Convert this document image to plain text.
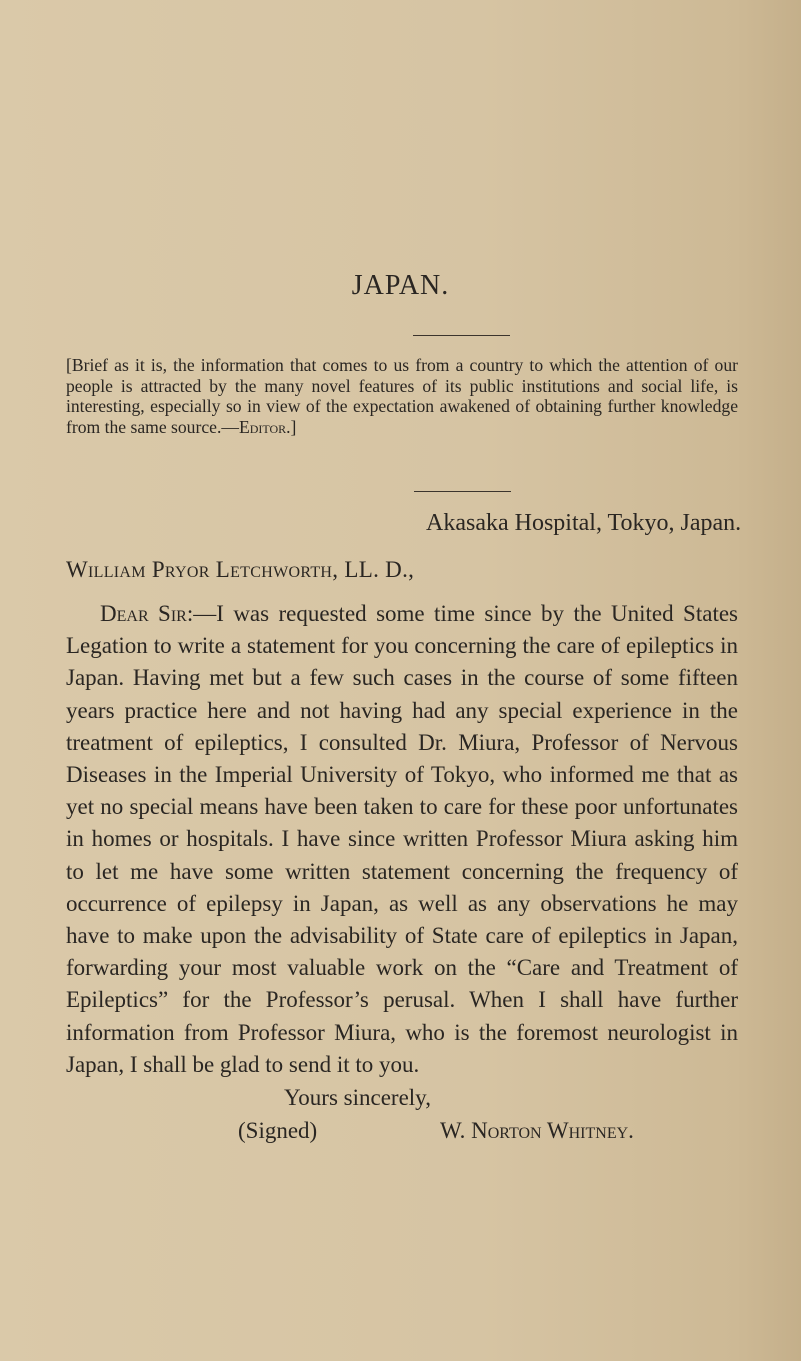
JAPAN.

[Brief as it is, the information that comes to us from a country to which the attention of our people is attracted by the many novel features of its public institutions and social life, is interesting, especially so in view of the expectation awakened of obtaining further knowledge from the same source.—Editor.]

Akasaka Hospital, Tokyo, Japan.
William Pryor Letchworth, LL. D.,

Dear Sir:—I was requested some time since by the United States Legation to write a statement for you concerning the care of epileptics in Japan. Having met but a few such cases in the course of some fifteen years practice here and not having had any special experience in the treatment of epileptics, I consulted Dr. Miura, Professor of Nervous Diseases in the Imperial University of Tokyo, who informed me that as yet no special means have been taken to care for these poor unfortunates in homes or hospitals. I have since written Professor Miura asking him to let me have some written statement concerning the frequency of occurrence of epilepsy in Japan, as well as any observations he may have to make upon the advisability of State care of epileptics in Japan, forwarding your most valuable work on the “Care and Treatment of Epileptics” for the Professor’s perusal. When I shall have further information from Professor Miura, who is the foremost neurologist in Japan, I shall be glad to send it to you.

Yours sincerely,
(Signed)	W. Norton Whitney.
